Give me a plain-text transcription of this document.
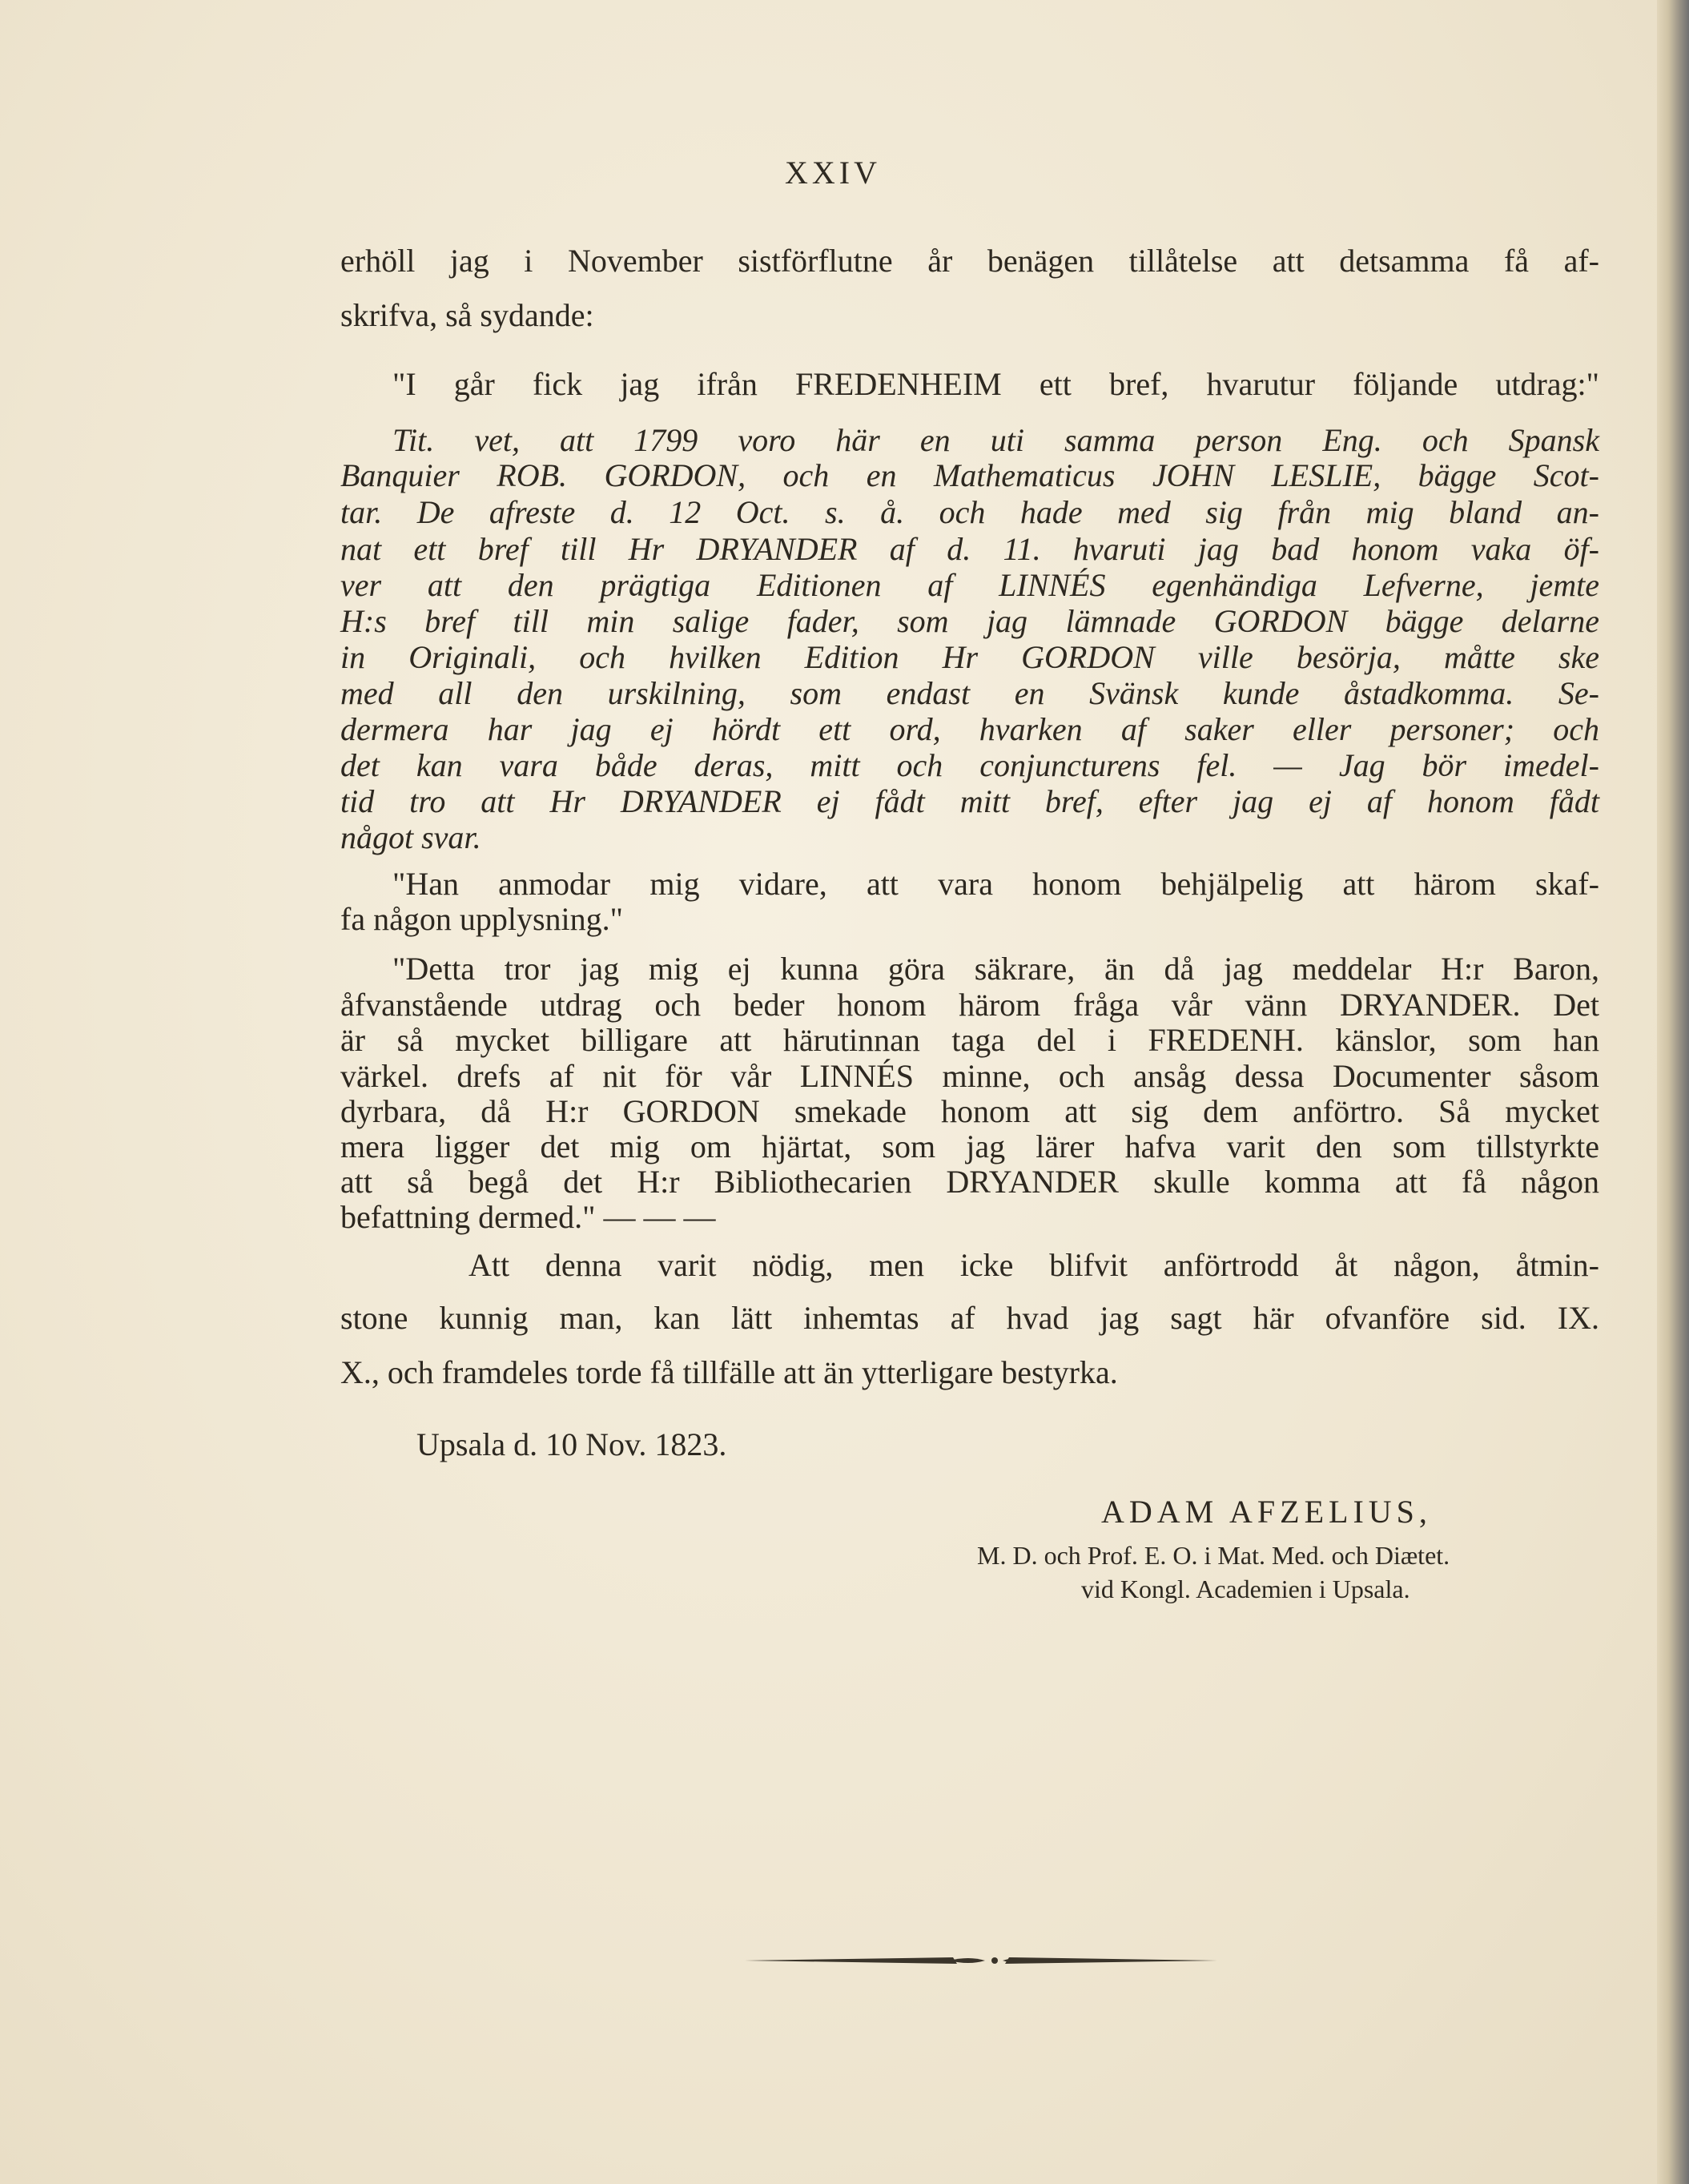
XXIV
erhöll jag i November sistförflutne år benägen tillåtelse att detsamma få af-
skrifva, så sydande:
"I går fick jag ifrån FREDENHEIM ett bref, hvarutur följande utdrag:"
Tit. vet, att 1799 voro här en uti samma person Eng. och Spansk
Banquier ROB. GORDON, och en Mathematicus JOHN LESLIE, bägge Scot-
tar. De afreste d. 12 Oct. s. å. och hade med sig från mig bland an-
nat ett bref till Hr DRYANDER af d. 11. hvaruti jag bad honom vaka öf-
ver att den prägtiga Editionen af LINNÉS egenhändiga Lefverne, jemte
H:s bref till min salige fader, som jag lämnade GORDON bägge delarne
in Originali, och hvilken Edition Hr GORDON ville besörja, måtte ske
med all den urskilning, som endast en Svänsk kunde åstadkomma. Se-
dermera har jag ej hördt ett ord, hvarken af saker eller personer; och
det kan vara både deras, mitt och conjuncturens fel. — Jag bör imedel-
tid tro att Hr DRYANDER ej fådt mitt bref, efter jag ej af honom fådt
något svar.
"Han anmodar mig vidare, att vara honom behjälpelig att härom skaf-
fa någon upplysning."
"Detta tror jag mig ej kunna göra säkrare, än då jag meddelar H:r Baron,
åfvanstående utdrag och beder honom härom fråga vår vänn DRYANDER. Det
är så mycket billigare att härutinnan taga del i FREDENH. känslor, som han
värkel. drefs af nit för vår LINNÉS minne, och ansåg dessa Documenter såsom
dyrbara, då H:r GORDON smekade honom att sig dem anförtro. Så mycket
mera ligger det mig om hjärtat, som jag lärer hafva varit den som tillstyrkte
att så begå det H:r Bibliothecarien DRYANDER skulle komma att få någon
befattning dermed." — — —
Att denna varit nödig, men icke blifvit anförtrodd åt någon, åtmin-
stone kunnig man, kan lätt inhemtas af hvad jag sagt här ofvanföre sid. IX.
X., och framdeles torde få tillfälle att än ytterligare bestyrka.
Upsala d. 10 Nov. 1823.
ADAM AFZELIUS,
M. D. och Prof. E. O. i Mat. Med. och Diætet.
vid Kongl. Academien i Upsala.
